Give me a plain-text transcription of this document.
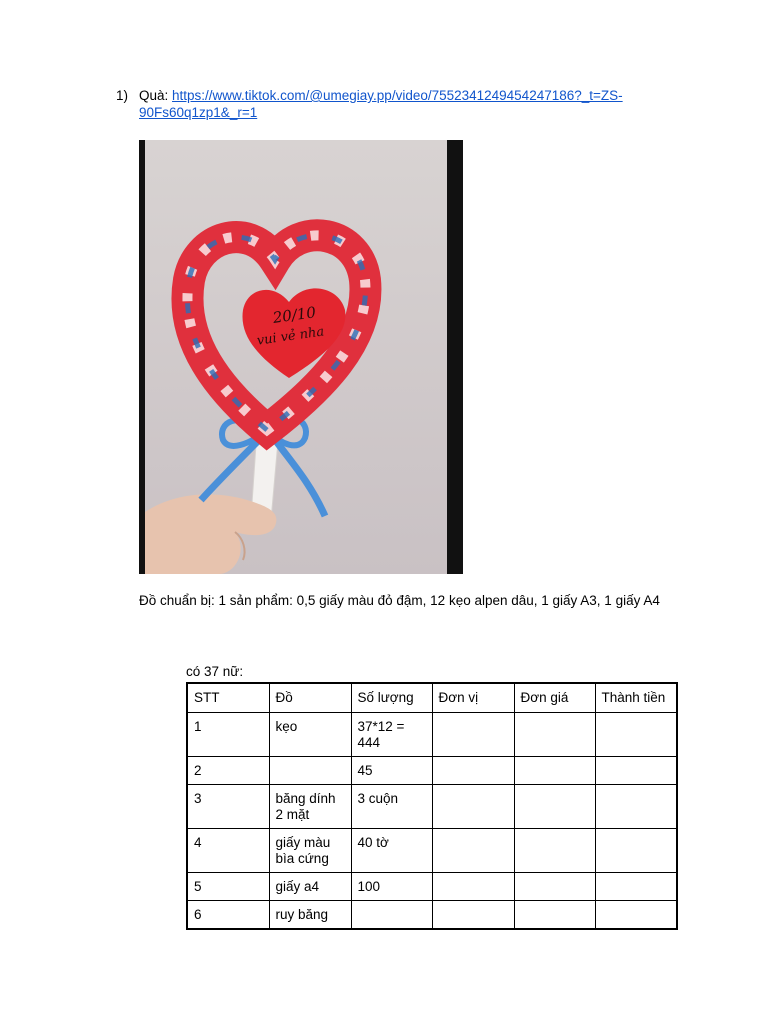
1) Quà: https://www.tiktok.com/@umegiay.pp/video/7552341249454247186?_t=ZS-90Fs60q1zp1&_r=1
20/10
vui vẻ nha
Đồ chuẩn bị: 1 sản phẩm: 0,5 giấy màu đỏ đậm, 12 kẹo alpen dâu, 1 giấy A3, 1 giấy A4
có 37 nữ:
STT	Đồ	Số lượng	Đơn vị	Đơn giá	Thành tiền
1	kẹo	37*12 = 444			
2		45			
3	băng dính 2 mặt	3 cuộn			
4	giấy màu bìa cứng	40 tờ			
5	giấy a4	100			
6	ruy băng				
